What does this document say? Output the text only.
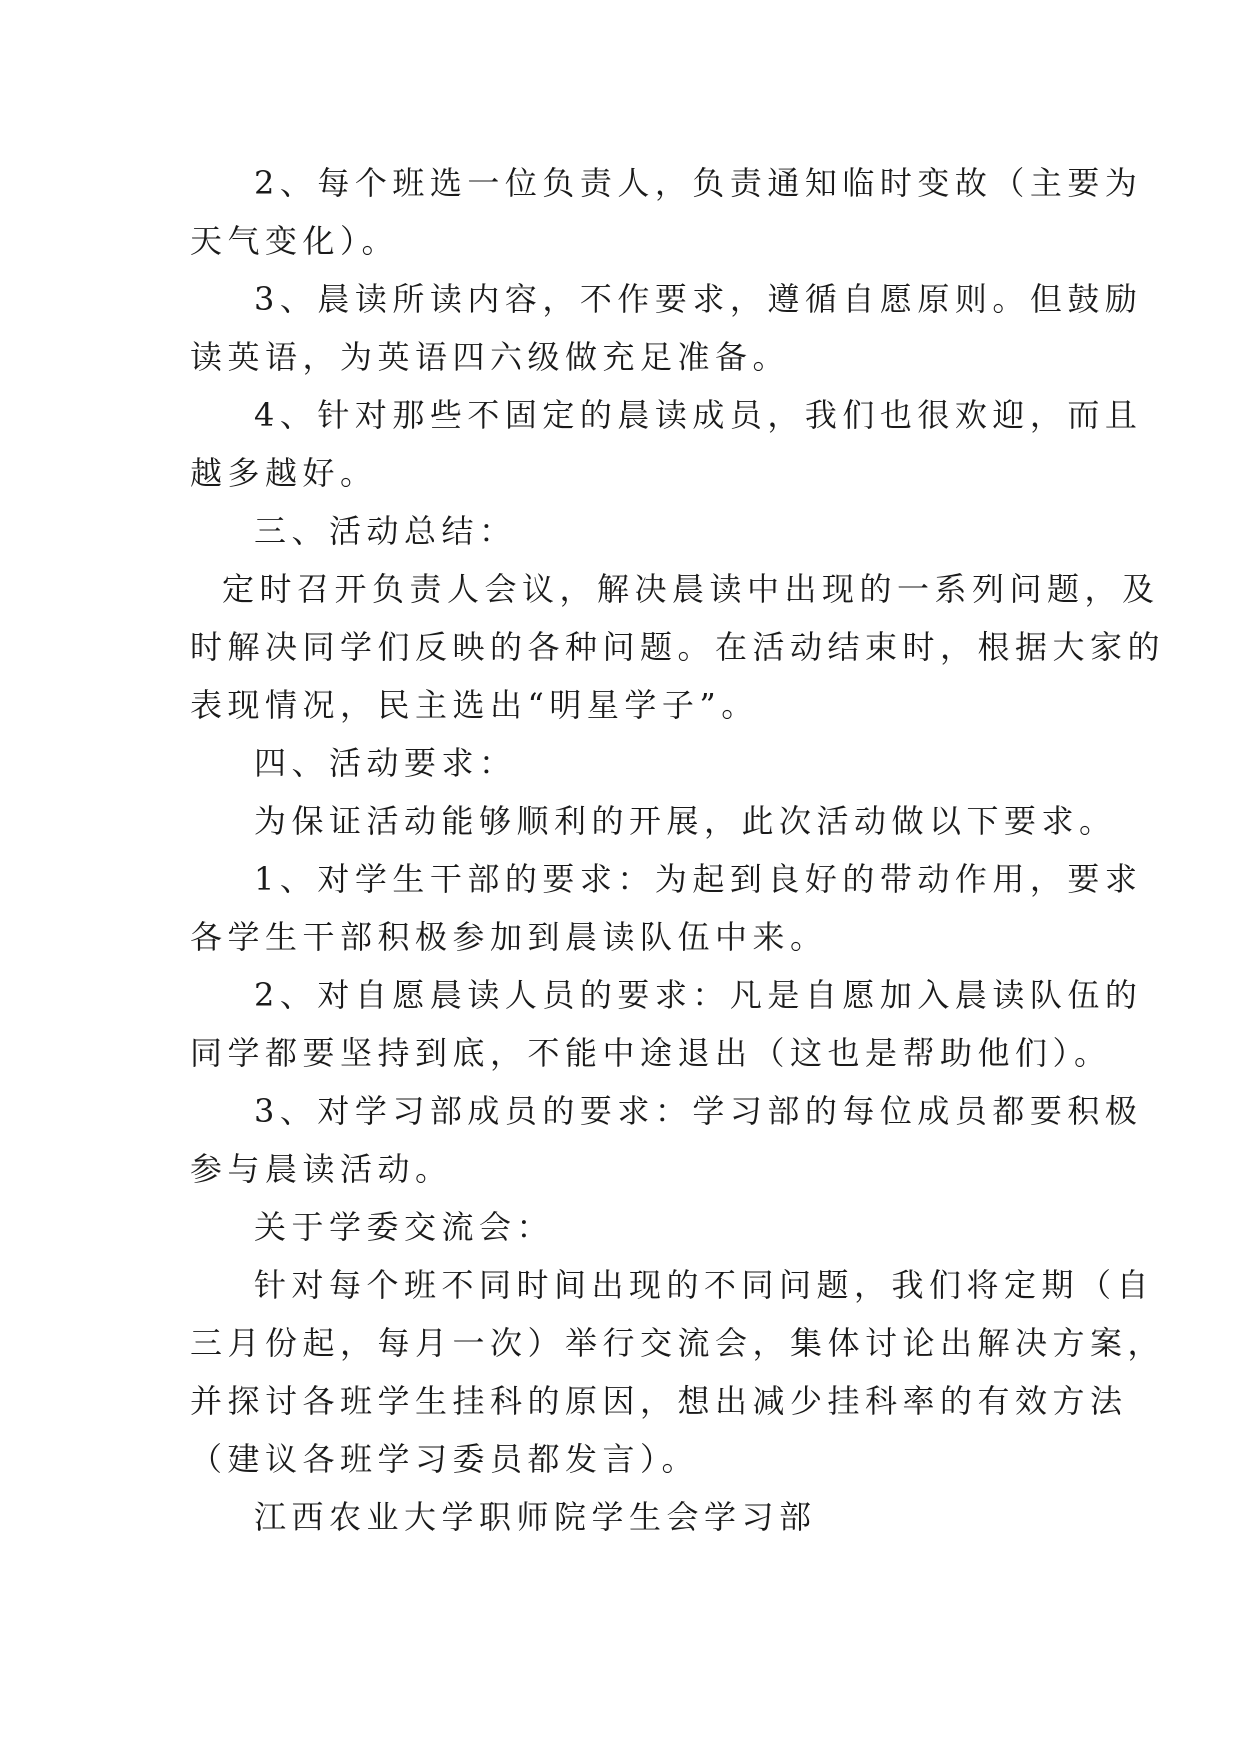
2、每个班选一位负责人，负责通知临时变故（主要为
天气变化）。
3、晨读所读内容，不作要求，遵循自愿原则。但鼓励
读英语，为英语四六级做充足准备。
4、针对那些不固定的晨读成员，我们也很欢迎，而且
越多越好。
三、活动总结：
定时召开负责人会议，解决晨读中出现的一系列问题，及
时解决同学们反映的各种问题。在活动结束时，根据大家的
表现情况，民主选出“明星学子”。
四、活动要求：
为保证活动能够顺利的开展，此次活动做以下要求。
1、对学生干部的要求：为起到良好的带动作用，要求
各学生干部积极参加到晨读队伍中来。
2、对自愿晨读人员的要求：凡是自愿加入晨读队伍的
同学都要坚持到底，不能中途退出（这也是帮助他们）。
3、对学习部成员的要求：学习部的每位成员都要积极
参与晨读活动。
关于学委交流会：
针对每个班不同时间出现的不同问题，我们将定期（自
三月份起，每月一次）举行交流会，集体讨论出解决方案，
并探讨各班学生挂科的原因，想出减少挂科率的有效方法
（建议各班学习委员都发言）。
江西农业大学职师院学生会学习部
